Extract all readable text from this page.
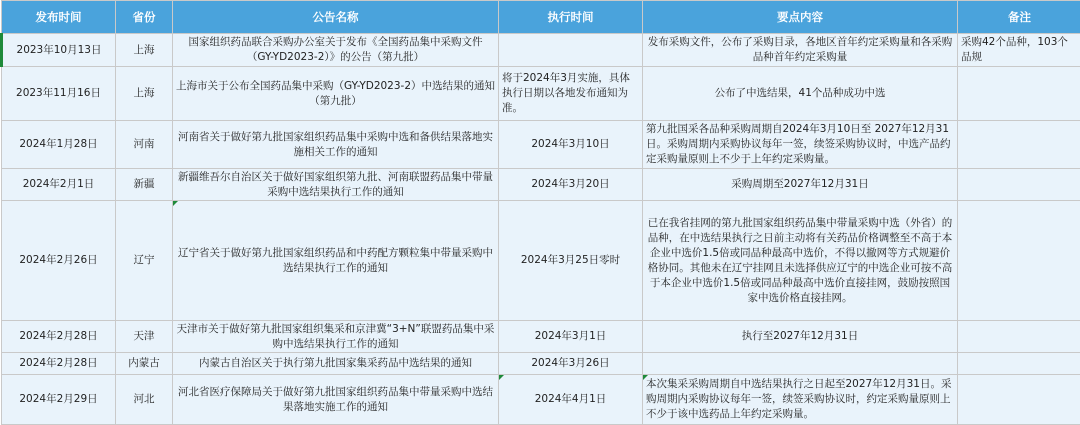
发布时间	省份	公告名称	执行时间	要点内容	备注
2023年10月13日	上海	国家组织药品联合采购办公室关于发布《全国药品集中采购文件（GY-YD2023-2）》的公告（第九批）		发布采购文件，公布了采购目录，各地区首年约定采购量和各采购品种首年约定采购量	采购42个品种，103个品规
2023年11月16日	上海	上海市关于公布全国药品集中采购（GY-YD2023-2）中选结果的通知（第九批）	将于2024年3月实施，具体执行日期以各地发布通知为准。	公布了中选结果，41个品种成功中选	
2024年1月28日	河南	河南省关于做好第九批国家组织药品集中采购中选和备供结果落地实施相关工作的通知	2024年3月10日	第九批国采各品种采购周期自2024年3月10日至 2027年12月31日。采购周期内采购协议每年一签，续签采购协议时，中选产品约定采购量原则上不少于上年约定采购量。	
2024年2月1日	新疆	新疆维吾尔自治区关于做好国家组织第九批、河南联盟药品集中带量采购中选结果执行工作的通知	2024年3月20日	采购周期至2027年12月31日	
2024年2月26日	辽宁	辽宁省关于做好第九批国家组织药品和中药配方颗粒集中带量采购中选结果执行工作的通知	2024年3月25日零时	已在我省挂网的第九批国家组织药品集中带量采购中选（外省）的品种，在中选结果执行之日前主动将有关药品价格调整至不高于本企业中选价1.5倍或同品种最高中选价，不得以撤网等方式规避价格协同。其他未在辽宁挂网且未选择供应辽宁的中选企业可按不高于本企业中选价1.5倍或同品种最高中选价直接挂网，鼓励按照国家中选价格直接挂网。	
2024年2月28日	天津	天津市关于做好第九批国家组织集采和京津冀“3+N”联盟药品集中采购中选结果执行工作的通知	2024年3月1日	执行至2027年12月31日	
2024年2月28日	内蒙古	内蒙古自治区关于执行第九批国家集采药品中选结果的通知	2024年3月26日		
2024年2月29日	河北	河北省医疗保障局关于做好第九批国家组织药品集中带量采购中选结果落地实施工作的通知	2024年4月1日	本次集采采购周期自中选结果执行之日起至2027年12月31日。采购周期内采购协议每年一签，续签采购协议时，约定采购量原则上不少于该中选药品上年约定采购量。	
